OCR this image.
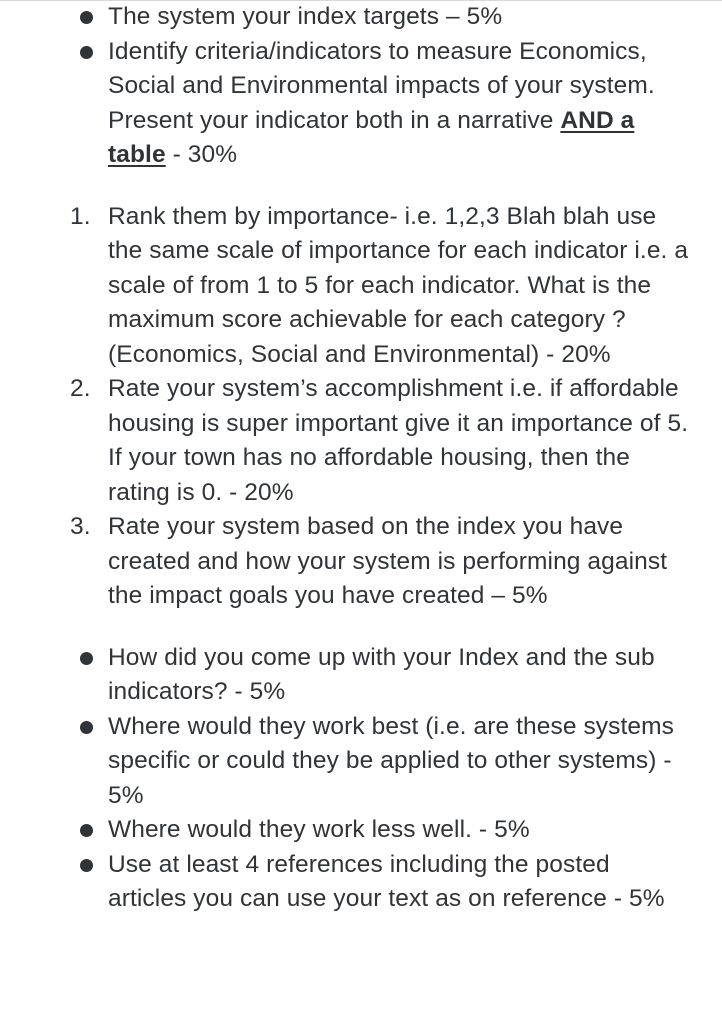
The system your index targets – 5%
Identify criteria/indicators to measure Economics, Social and Environmental impacts of your system. Present your indicator both in a narrative AND a table - 30%
1. Rank them by importance- i.e. 1,2,3 Blah blah use the same scale of importance for each indicator i.e. a scale of from 1 to 5 for each indicator. What is the maximum score achievable for each category ? (Economics, Social and Environmental) - 20%
2. Rate your system’s accomplishment i.e. if affordable housing is super important give it an importance of 5. If your town has no affordable housing, then the rating is 0. - 20%
3. Rate your system based on the index you have created and how your system is performing against the impact goals you have created – 5%
How did you come up with your Index and the sub indicators? - 5%
Where would they work best (i.e. are these systems specific or could they be applied to other systems) - 5%
Where would they work less well. - 5%
Use at least 4 references including the posted articles you can use your text as on reference - 5%
